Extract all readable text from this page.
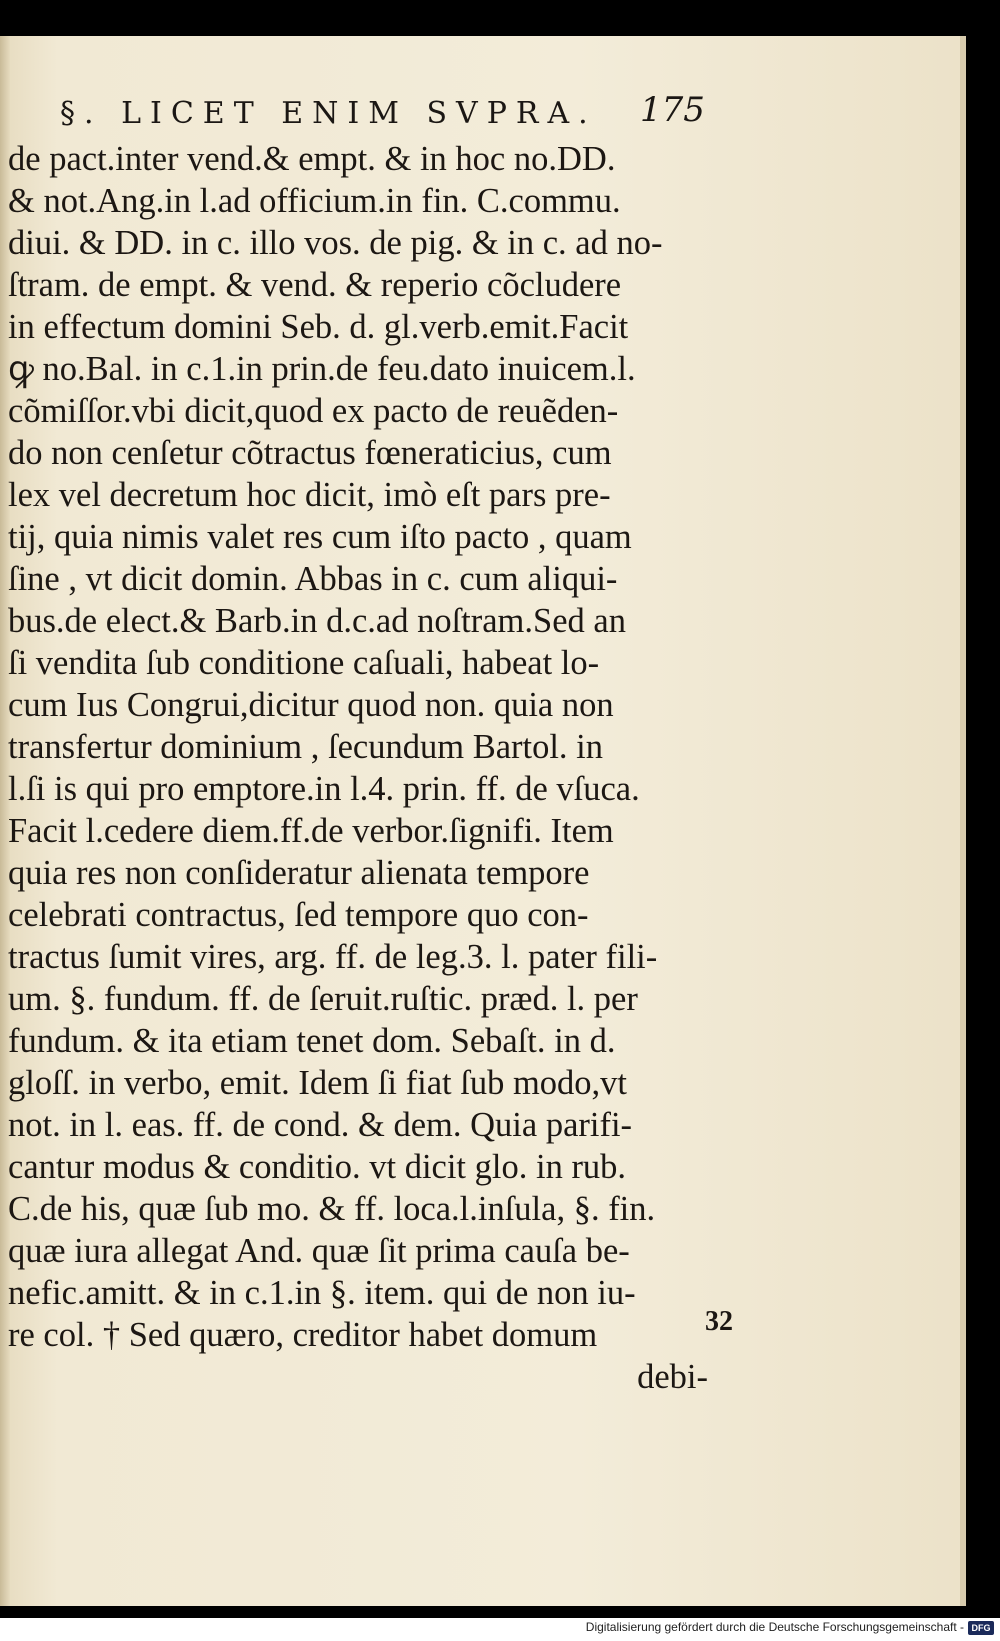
§. LICET ENIM SVPRA. 175
de pact.inter vend.& empt. & in hoc no.DD.
& not.Ang.in l.ad officium.in fin. C.commu.
diui. & DD. in c. illo vos. de pig. & in c. ad no-
ſtram. de empt. & vend. & reperio cõcludere
in effectum domini Seb. d. gl.verb.emit.Facit
ꝙ no.Bal. in c.1.in prin.de feu.dato inuicem.l.
cõmiſſor.vbi dicit,quod ex pacto de reuẽden-
do non cenſetur cõtractus fœneraticius, cum
lex vel decretum hoc dicit, imò eſt pars pre-
tij, quia nimis valet res cum iſto pacto , quam
ſine , vt dicit domin. Abbas in c. cum aliqui-
bus.de elect.& Barb.in d.c.ad noſtram.Sed an
ſi vendita ſub conditione caſuali, habeat lo-
cum Ius Congrui,dicitur quod non. quia non
transfertur dominium , ſecundum Bartol. in
l.ſi is qui pro emptore.in l.4. prin. ff. de vſuca.
Facit l.cedere diem.ff.de verbor.ſignifi. Item
quia res non conſideratur alienata tempore
celebrati contractus, ſed tempore quo con-
tractus ſumit vires, arg. ff. de leg.3. l. pater fili-
um. §. fundum. ff. de ſeruit.ruſtic. præd. l. per
fundum. & ita etiam tenet dom. Sebaſt. in d.
gloſſ. in verbo, emit. Idem ſi fiat ſub modo,vt
not. in l. eas. ff. de cond. & dem. Quia parifi-
cantur modus & conditio. vt dicit glo. in rub.
C.de his, quæ ſub mo. & ff. loca.l.inſula, §. fin.
quæ iura allegat And. quæ ſit prima cauſa be-
nefic.amitt. & in c.1.in §. item. qui de non iu-
re col. † Sed quæro, creditor habet domum
debi-
32
Digitalisierung gefördert durch die Deutsche Forschungsgemeinschaft - DFG
